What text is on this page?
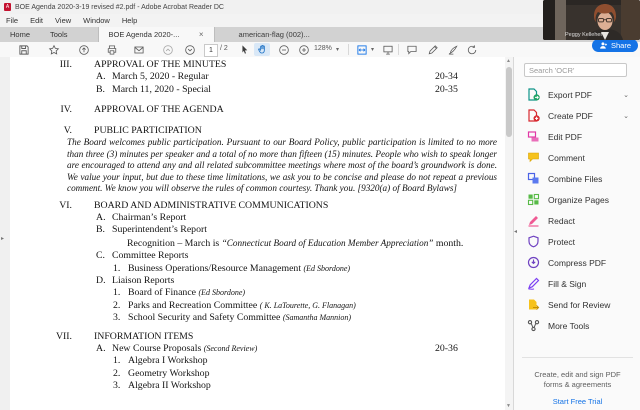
A BOE Agenda 2020-3-19 revised #2.pdf - Adobe Acrobat Reader DC
File	Edit	View	Window	Help
Home	Tools	BOE Agenda 2020-... ×	american-flag (002)...
1	/ 2	128% ▾	▾	Share
▸
III. APPROVAL OF THE MINUTES
A. March 5, 2020 - Regular	20-34
B. March 11, 2020 - Special	20-35
IV. APPROVAL OF THE AGENDA
V. PUBLIC PARTICIPATION
The Board welcomes public participation. Pursuant to our Board Policy, public participation is limited to no more than three (3) minutes per speaker and a total of no more than fifteen (15) minutes. People who wish to speak longer are encouraged to attend any and all related subcommittee meetings where most of the board’s groundwork is done. We value your input, but due to these time limitations, we ask you to be concise and please do not repeat a previous comment. We know you will observe the rules of common courtesy. Thank you. [9320(a) of Board Bylaws]
VI. BOARD AND ADMINISTRATIVE COMMUNICATIONS
A. Chairman’s Report
B. Superintendent’s Report
Recognition – March is “Connecticut Board of Education Member Appreciation” month.
C. Committee Reports
1. Business Operations/Resource Management (Ed Sbordone)
D. Liaison Reports
1. Board of Finance (Ed Sbordone)
2. Parks and Recreation Committee ( K. LaTourette, G. Flanagan)
3. School Security and Safety Committee (Samantha Mannion)
VII. INFORMATION ITEMS
A. New Course Proposals (Second Review)	20-36
1. Algebra I Workshop
2. Geometry Workshop
3. Algebra II Workshop
▲
▼
Search 'OCR'
◂
Export PDF	⌄
Create PDF	⌄
Edit PDF
Comment
Combine Files
Organize Pages
Redact
Protect
Compress PDF
Fill & Sign
Send for Review
More Tools
Create, edit and sign PDF
forms & agreements
Start Free Trial
Peggy Kelleher
